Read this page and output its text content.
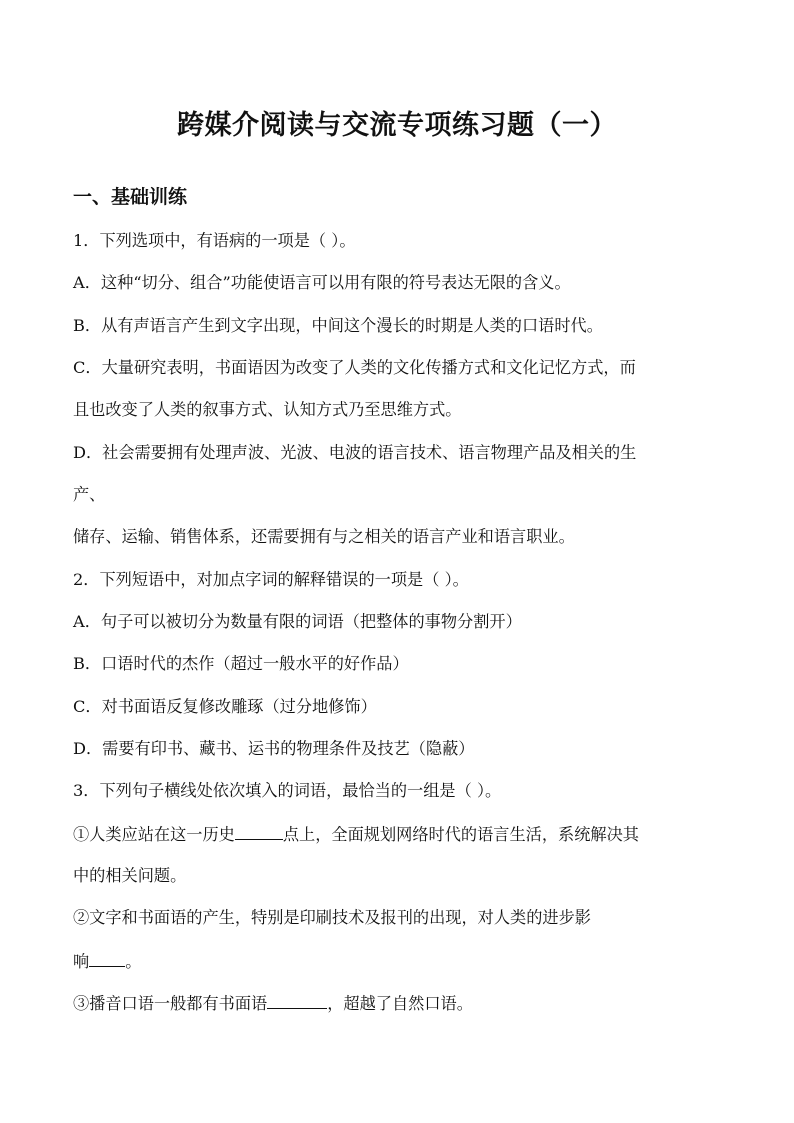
跨媒介阅读与交流专项练习题（一）
一、基础训练
1．下列选项中，有语病的一项是（ ）。
A．这种“切分、组合”功能使语言可以用有限的符号表达无限的含义。
B．从有声语言产生到文字出现，中间这个漫长的时期是人类的口语时代。
C．大量研究表明，书面语因为改变了人类的文化传播方式和文化记忆方式，而
且也改变了人类的叙事方式、认知方式乃至思维方式。
D．社会需要拥有处理声波、光波、电波的语言技术、语言物理产品及相关的生
产、
储存、运输、销售体系，还需要拥有与之相关的语言产业和语言职业。
2．下列短语中，对加点字词的解释错误的一项是（ ）。
A．句子可以被切分为数量有限的词语（把整体的事物分割开）
B．口语时代的杰作（超过一般水平的好作品）
C．对书面语反复修改雕琢（过分地修饰）
D．需要有印书、藏书、运书的物理条件及技艺（隐蔽）
3．下列句子横线处依次填入的词语，最恰当的一组是（ ）。
①人类应站在这一历史	点上，全面规划网络时代的语言生活，系统解决其
中的相关问题。
②文字和书面语的产生，特别是印刷技术及报刊的出现，对人类的进步影
响 。
③播音口语一般都有书面语	，超越了自然口语。
